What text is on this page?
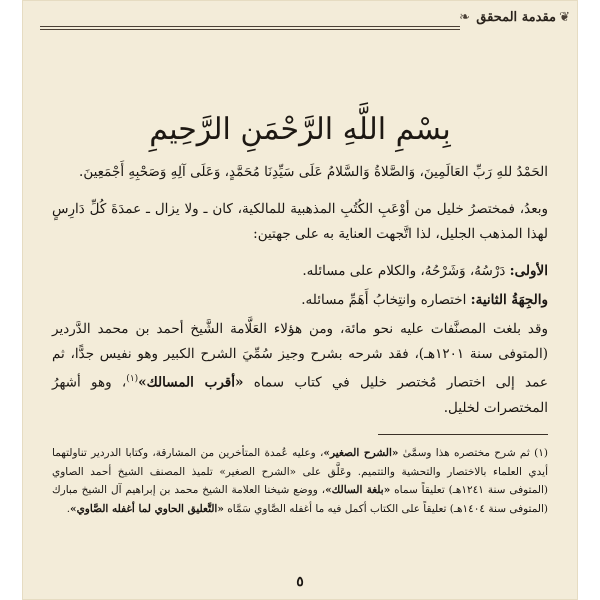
❦
مقدمة المحقق
❧
بِسْمِ اللَّهِ الرَّحْمَنِ الرَّحِيمِ

الحَمْدُ للهِ رَبِّ العَالَمِينَ، وَالصَّلاةُ وَالسَّلامُ عَلَى سَيِّدِنَا مُحَمَّدٍ، وَعَلَى آلِهِ وَصَحْبِهِ أَجْمَعِينَ.

وبعدُ، فمختصرُ خليل من أوْعَبِ الكُتُبِ المذهبية للمالكية، كان ـ ولا يزال ـ عمدَةَ كُلِّ دَارِسٍ لهذا المذهب الجليل، لذا اتَّجهت العناية به على جهتين:

الأولى: دَرْسُهُ، وَشَرْحُهُ، والكلام على مسائله.

والجِهَةُ الثانية: اختصاره وانتِخابُ أَهَمِّ مسائله.

وقد بلغت المصنَّفات عليه نحو مائة، ومن هؤلاء العَلَّامة الشَّيخ أحمد بن محمد الدَّردير (المتوفى سنة ١٢٠١هـ)، فقد شرحه بشرح وجيز سُمِّيَ الشرح الكبير وهو نفيس جدًّا، ثم عمد إلى اختصار مُختصر خليل في كتاب سماه «أقرب المسالك»$^{(١)}$، وهو أشهرُ المختصرات لخليل.

(١) ثم شرح مختصره هذا وسمَّىٰ «الشرح الصغير»، وعليه عُمدة المتأخرين من المشارقة، وكتابا الدردير تناولتهما أيدي العلماء بالاختصار والتحشية والتتميم. وعَلَّق على «الشرح الصغير» تلميذ المصنف الشيخ أحمد الصاوي (المتوفى سنة ١٢٤١هـ) تعليقاً سماه «بلغة السالك»، ووضع شيخنا العلامة الشيخ محمد بن إبراهيم آل الشيخ مبارك (المتوفى سنة ١٤٠٤هـ) تعليقاً على الكتاب أكمل فيه ما أغفله الصَّاوي سَمَّاه «التَّعليق الحاوي لما أغفله الصَّاوي».

٥
